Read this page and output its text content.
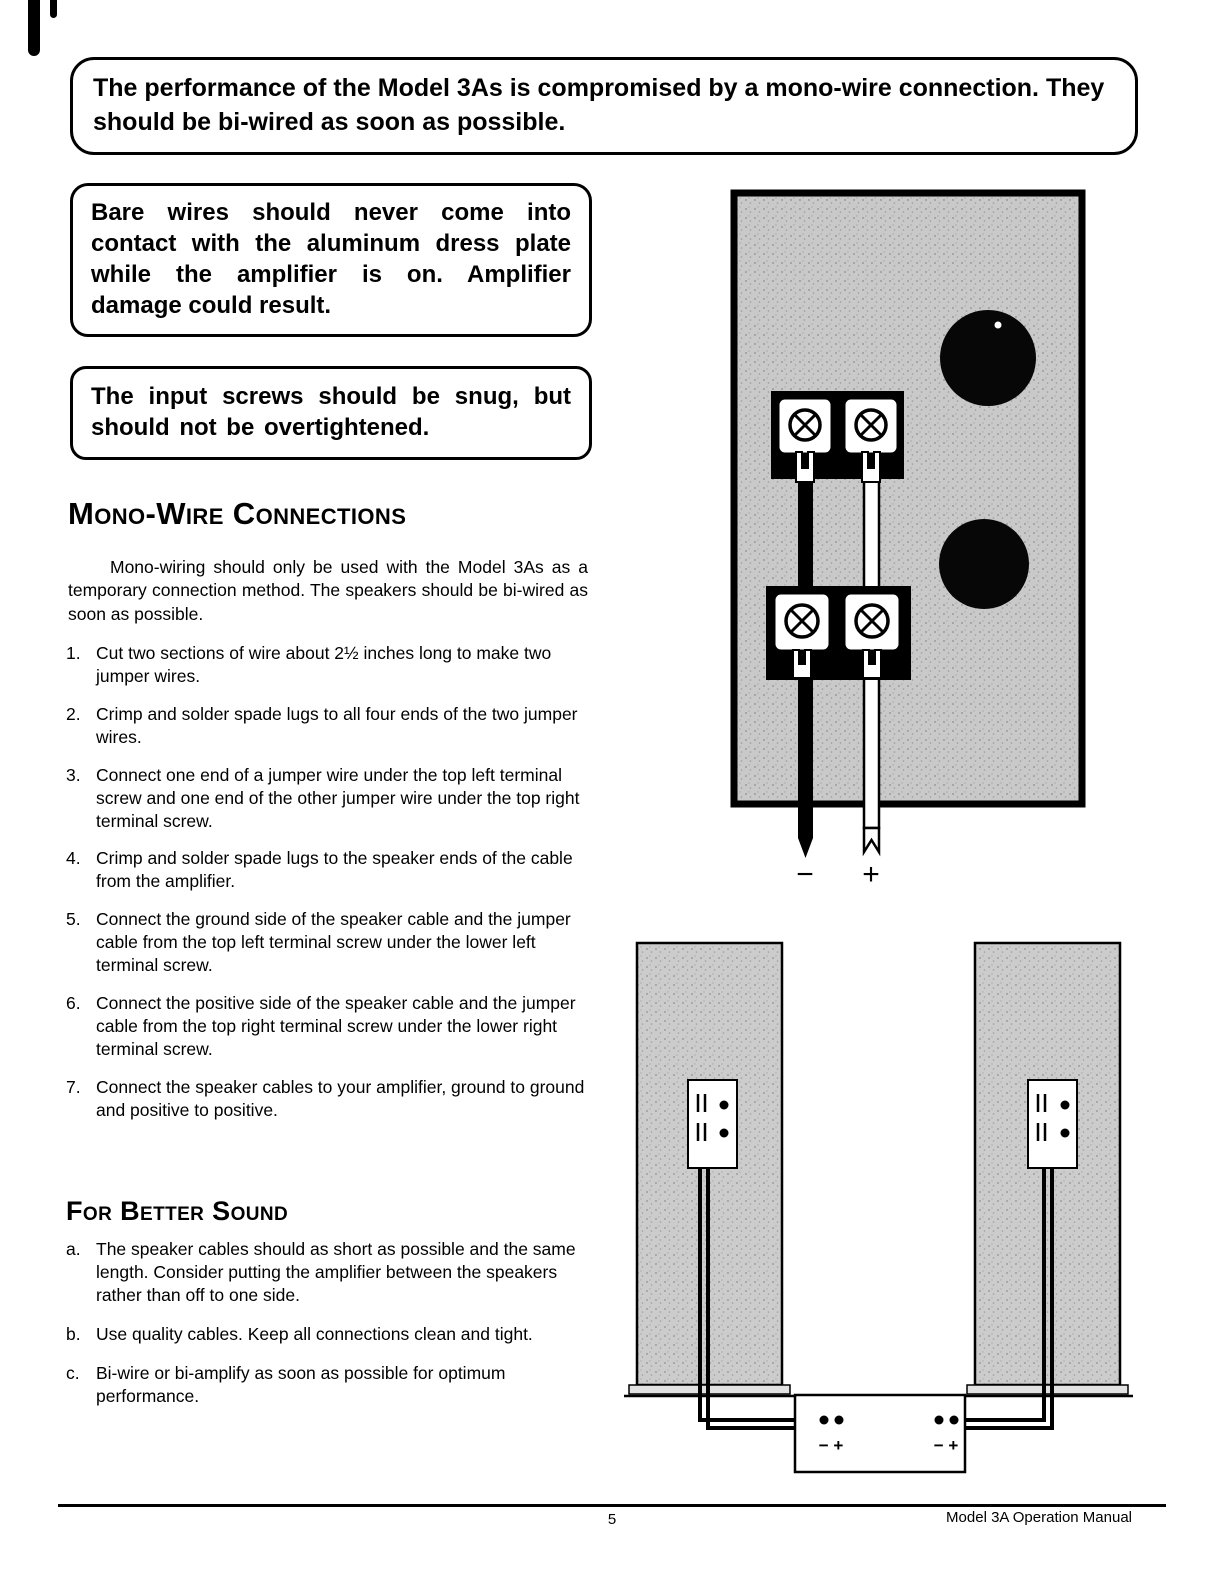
The performance of the Model 3As is compromised by a mono-wire connection. They should be bi-wired as soon as possible.

Bare wires should never come into contact with the aluminum dress plate while the amplifier is on. Amplifier damage could result.

The input screws should be snug, but should not be overtightened.

Mono-Wire Connections

Mono-wiring should only be used with the Model 3As as a temporary connection method. The speakers should be bi-wired as soon as possible.

1. Cut two sections of wire about 2½ inches long to make two jumper wires.
2. Crimp and solder spade lugs to all four ends of the two jumper wires.
3. Connect one end of a jumper wire under the top left terminal screw and one end of the other jumper wire under the top right terminal screw.
4. Crimp and solder spade lugs to the speaker ends of the cable from the amplifier.
5. Connect the ground side of the speaker cable and the jumper cable from the top left terminal screw under the lower left terminal screw.
6. Connect the positive side of the speaker cable and the jumper cable from the top right terminal screw under the lower right terminal screw.
7. Connect the speaker cables to your amplifier, ground to ground and positive to positive.
For Better Sound
a. The speaker cables should as short as possible and the same length. Consider putting the amplifier between the speakers rather than off to one side.
b. Use quality cables. Keep all connections clean and tight.
c. Bi-wire or bi-amplify as soon as possible for optimum performance.
− +
− +	− +
5	Model 3A Operation Manual
